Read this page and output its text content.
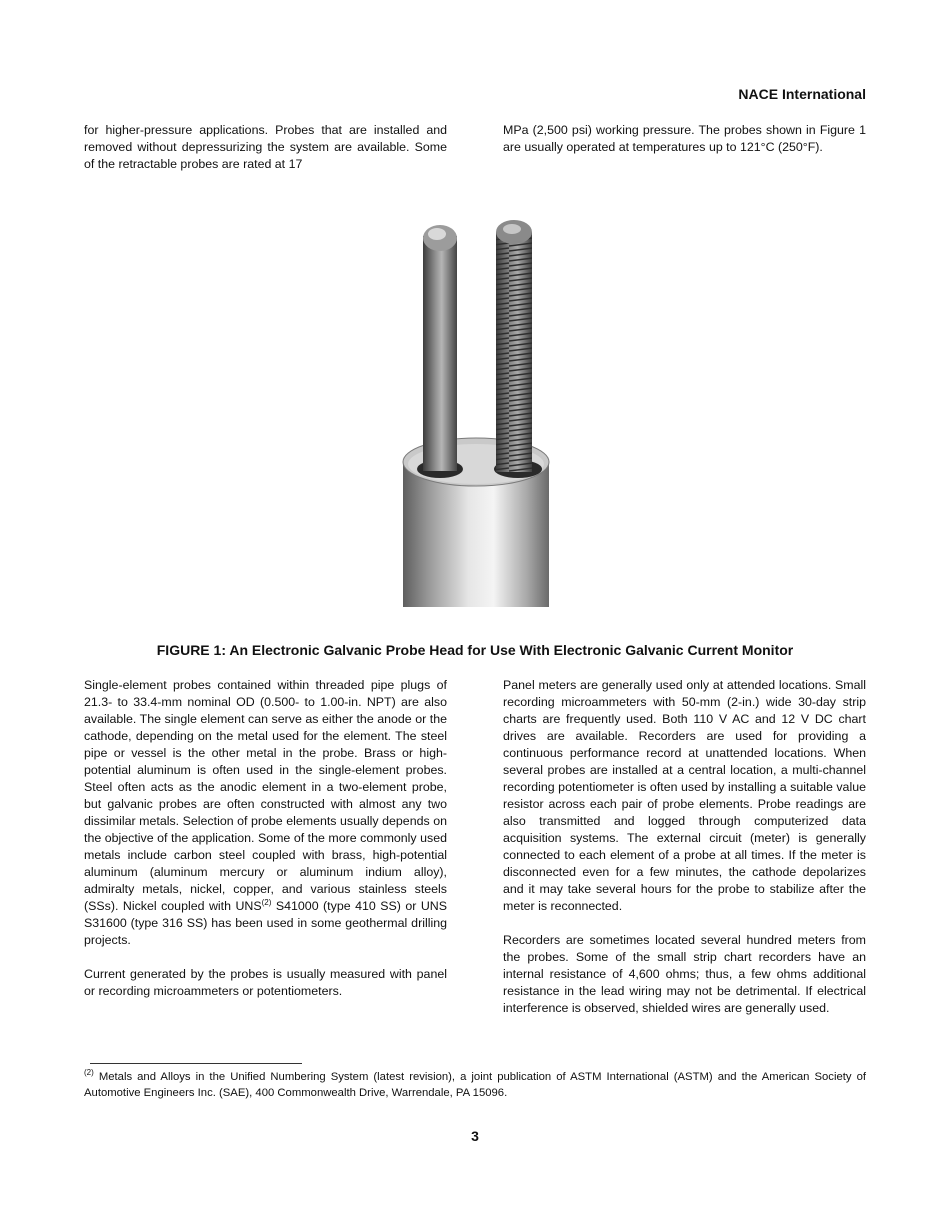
NACE International

for higher-pressure applications. Probes that are installed and removed without depressurizing the system are available. Some of the retractable probes are rated at 17

MPa (2,500 psi) working pressure. The probes shown in Figure 1 are usually operated at temperatures up to 121°C (250°F).

FIGURE 1: An Electronic Galvanic Probe Head for Use With Electronic Galvanic Current Monitor

Single-element probes contained within threaded pipe plugs of 21.3- to 33.4-mm nominal OD (0.500- to 1.00-in. NPT) are also available. The single element can serve as either the anode or the cathode, depending on the metal used for the element. The steel pipe or vessel is the other metal in the probe. Brass or high-potential aluminum is often used in the single-element probes. Steel often acts as the anodic element in a two-element probe, but galvanic probes are often constructed with almost any two dissimilar metals. Selection of probe elements usually depends on the objective of the application. Some of the more commonly used metals include carbon steel coupled with brass, high-potential aluminum (aluminum mercury or aluminum indium alloy), admiralty metals, nickel, copper, and various stainless steels (SSs). Nickel coupled with UNS$^{(2)}$ S41000 (type 410 SS) or UNS S31600 (type 316 SS) has been used in some geothermal drilling projects.

Current generated by the probes is usually measured with panel or recording microammeters or potentiometers.

Panel meters are generally used only at attended locations. Small recording microammeters with 50-mm (2-in.) wide 30-day strip charts are frequently used. Both 110 V AC and 12 V DC chart drives are available. Recorders are used for providing a continuous performance record at unattended locations. When several probes are installed at a central location, a multi-channel recording potentiometer is often used by installing a suitable value resistor across each pair of probe elements. Probe readings are also transmitted and logged through computerized data acquisition systems. The external circuit (meter) is generally connected to each element of a probe at all times. If the meter is disconnected even for a few minutes, the cathode depolarizes and it may take several hours for the probe to stabilize after the meter is reconnected.

Recorders are sometimes located several hundred meters from the probes. Some of the small strip chart recorders have an internal resistance of 4,600 ohms; thus, a few ohms additional resistance in the lead wiring may not be detrimental. If electrical interference is observed, shielded wires are generally used.

$^{(2)}$ Metals and Alloys in the Unified Numbering System (latest revision), a joint publication of ASTM International (ASTM) and the American Society of Automotive Engineers Inc. (SAE), 400 Commonwealth Drive, Warrendale, PA 15096.
3
